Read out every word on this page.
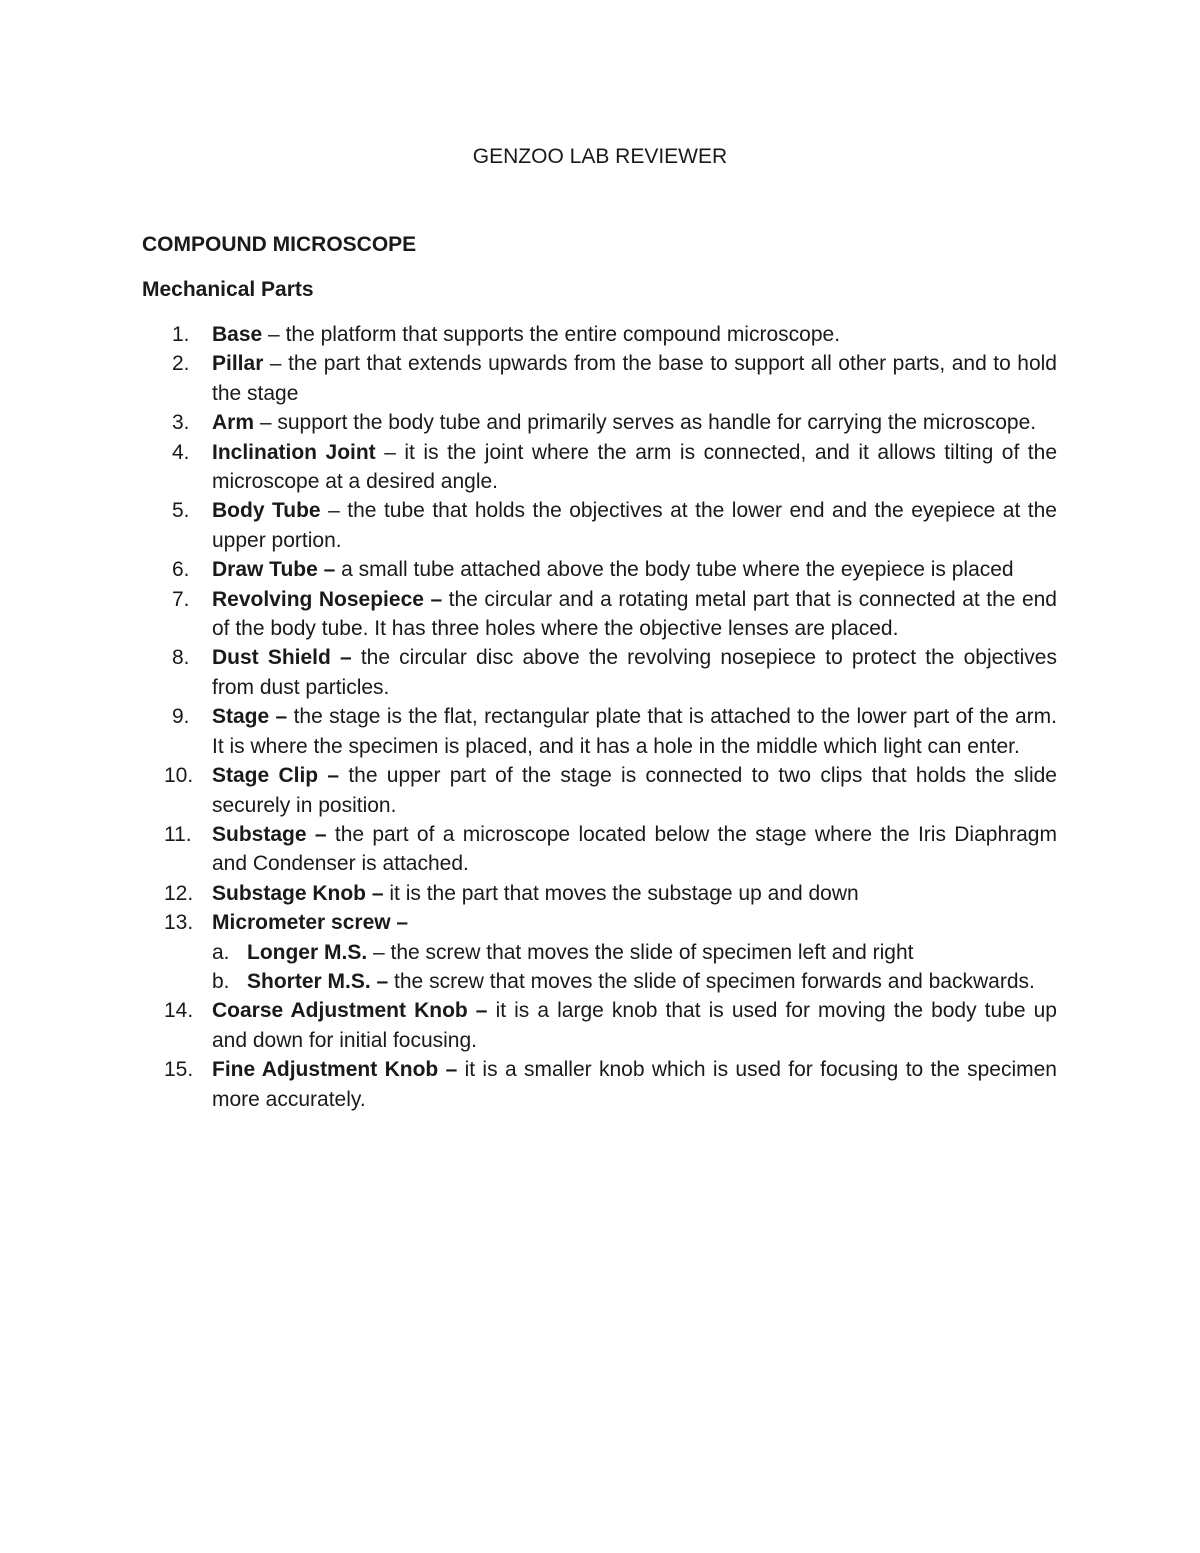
GENZOO LAB REVIEWER
COMPOUND MICROSCOPE
Mechanical Parts
1. Base – the platform that supports the entire compound microscope.
2. Pillar – the part that extends upwards from the base to support all other parts, and to hold the stage
3. Arm – support the body tube and primarily serves as handle for carrying the microscope.
4. Inclination Joint – it is the joint where the arm is connected, and it allows tilting of the microscope at a desired angle.
5. Body Tube – the tube that holds the objectives at the lower end and the eyepiece at the upper portion.
6. Draw Tube – a small tube attached above the body tube where the eyepiece is placed
7. Revolving Nosepiece – the circular and a rotating metal part that is connected at the end of the body tube. It has three holes where the objective lenses are placed.
8. Dust Shield – the circular disc above the revolving nosepiece to protect the objectives from dust particles.
9. Stage – the stage is the flat, rectangular plate that is attached to the lower part of the arm. It is where the specimen is placed, and it has a hole in the middle which light can enter.
10. Stage Clip – the upper part of the stage is connected to two clips that holds the slide securely in position.
11. Substage – the part of a microscope located below the stage where the Iris Diaphragm and Condenser is attached.
12. Substage Knob – it is the part that moves the substage up and down
13. Micrometer screw –
a. Longer M.S. – the screw that moves the slide of specimen left and right
b. Shorter M.S. – the screw that moves the slide of specimen forwards and backwards.
14. Coarse Adjustment Knob – it is a large knob that is used for moving the body tube up and down for initial focusing.
15. Fine Adjustment Knob – it is a smaller knob which is used for focusing to the specimen more accurately.
